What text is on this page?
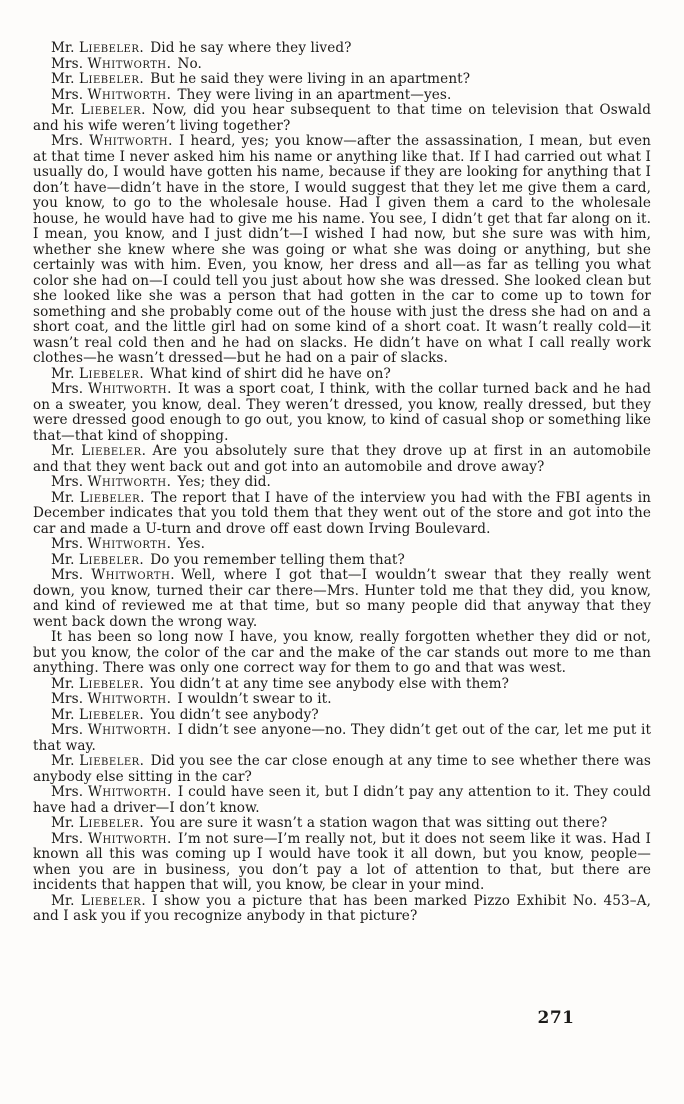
Mr. Liebeler. Did he say where they lived?

Mrs. Whitworth. No.

Mr. Liebeler. But he said they were living in an apartment?

Mrs. Whitworth. They were living in an apartment—yes.

Mr. Liebeler. Now, did you hear subsequent to that time on television that Oswald and his wife weren’t living together?

Mrs. Whitworth. I heard, yes; you know—after the assassination, I mean, but even at that time I never asked him his name or anything like that. If I had carried out what I usually do, I would have gotten his name, because if they are looking for anything that I don’t have—didn’t have in the store, I would suggest that they let me give them a card, you know, to go to the wholesale house. Had I given them a card to the wholesale house, he would have had to give me his name. You see, I didn’t get that far along on it. I mean, you know, and I just didn’t—I wished I had now, but she sure was with him, whether she knew where she was going or what she was doing or anything, but she certainly was with him. Even, you know, her dress and all—as far as telling you what color she had on—I could tell you just about how she was dressed. She looked clean but she looked like she was a person that had gotten in the car to come up to town for something and she probably come out of the house with just the dress she had on and a short coat, and the little girl had on some kind of a short coat. It wasn’t really cold—it wasn’t real cold then and he had on slacks. He didn’t have on what I call really work clothes—he wasn’t dressed—but he had on a pair of slacks.

Mr. Liebeler. What kind of shirt did he have on?

Mrs. Whitworth. It was a sport coat, I think, with the collar turned back and he had on a sweater, you know, deal. They weren’t dressed, you know, really dressed, but they were dressed good enough to go out, you know, to kind of casual shop or something like that—that kind of shopping.

Mr. Liebeler. Are you absolutely sure that they drove up at first in an automobile and that they went back out and got into an automobile and drove away?

Mrs. Whitworth. Yes; they did.

Mr. Liebeler. The report that I have of the interview you had with the FBI agents in December indicates that you told them that they went out of the store and got into the car and made a U-turn and drove off east down Irving Boulevard.

Mrs. Whitworth. Yes.

Mr. Liebeler. Do you remember telling them that?

Mrs. Whitworth. Well, where I got that—I wouldn’t swear that they really went down, you know, turned their car there—Mrs. Hunter told me that they did, you know, and kind of reviewed me at that time, but so many people did that anyway that they went back down the wrong way.

It has been so long now I have, you know, really forgotten whether they did or not, but you know, the color of the car and the make of the car stands out more to me than anything. There was only one correct way for them to go and that was west.

Mr. Liebeler. You didn’t at any time see anybody else with them?

Mrs. Whitworth. I wouldn’t swear to it.

Mr. Liebeler. You didn’t see anybody?

Mrs. Whitworth. I didn’t see anyone—no. They didn’t get out of the car, let me put it that way.

Mr. Liebeler. Did you see the car close enough at any time to see whether there was anybody else sitting in the car?

Mrs. Whitworth. I could have seen it, but I didn’t pay any attention to it. They could have had a driver—I don’t know.

Mr. Liebeler. You are sure it wasn’t a station wagon that was sitting out there?

Mrs. Whitworth. I’m not sure—I’m really not, but it does not seem like it was. Had I known all this was coming up I would have took it all down, but you know, people—when you are in business, you don’t pay a lot of attention to that, but there are incidents that happen that will, you know, be clear in your mind.

Mr. Liebeler. I show you a picture that has been marked Pizzo Exhibit No. 453–A, and I ask you if you recognize anybody in that picture?

271
